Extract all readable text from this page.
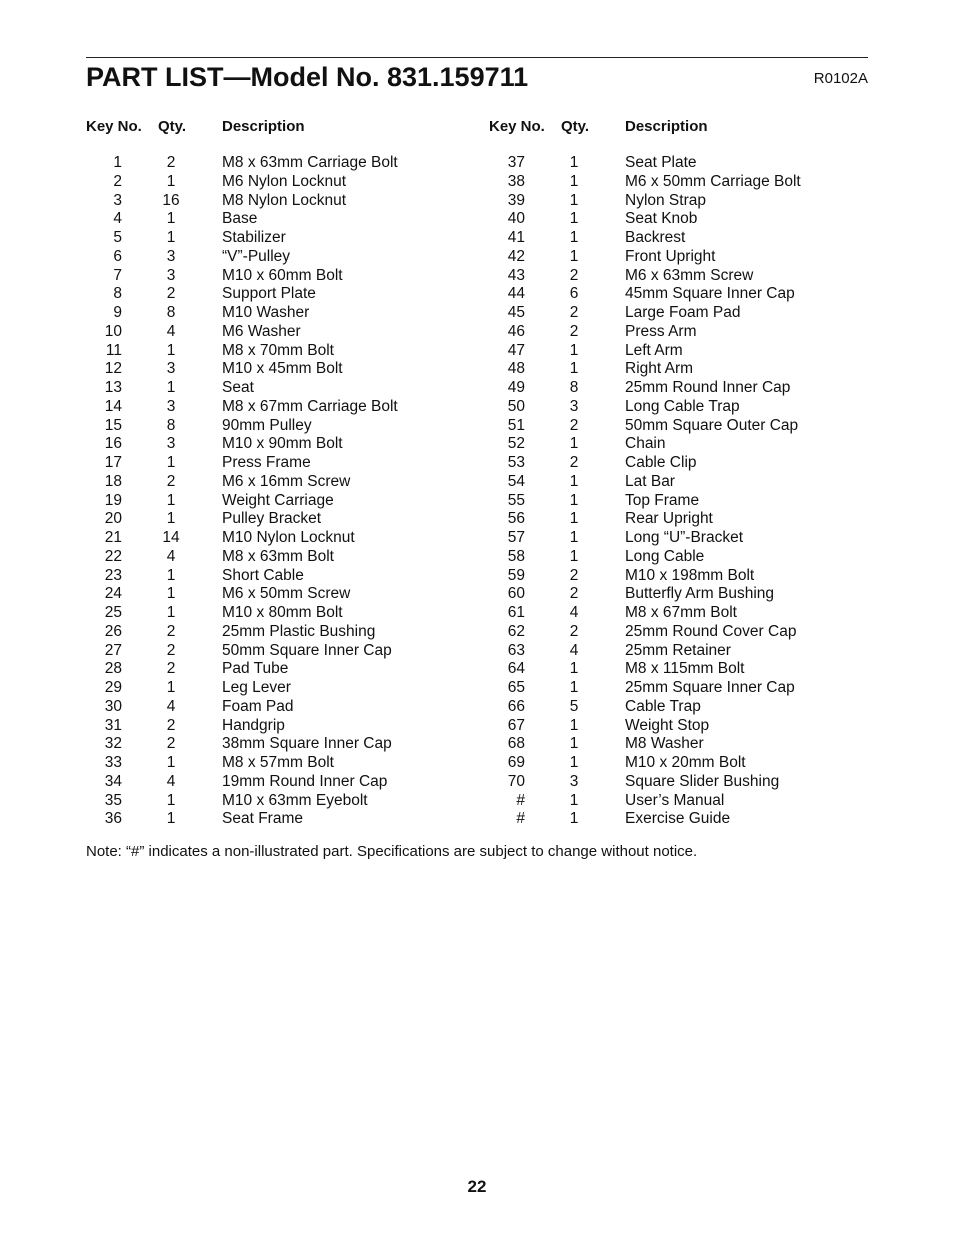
PART LIST—Model No. 831.159711	R0102A
Key No. Qty. Description
1	2	M8 x 63mm Carriage Bolt
2	1	M6 Nylon Locknut
3	16	M8 Nylon Locknut
4	1	Base
5	1	Stabilizer
6	3	“V”-Pulley
7	3	M10 x 60mm Bolt
8	2	Support Plate
9	8	M10 Washer
10	4	M6 Washer
11	1	M8 x 70mm Bolt
12	3	M10 x 45mm Bolt
13	1	Seat
14	3	M8 x 67mm Carriage Bolt
15	8	90mm Pulley
16	3	M10 x 90mm Bolt
17	1	Press Frame
18	2	M6 x 16mm Screw
19	1	Weight Carriage
20	1	Pulley Bracket
21	14	M10 Nylon Locknut
22	4	M8 x 63mm Bolt
23	1	Short Cable
24	1	M6 x 50mm Screw
25	1	M10 x 80mm Bolt
26	2	25mm Plastic Bushing
27	2	50mm Square Inner Cap
28	2	Pad Tube
29	1	Leg Lever
30	4	Foam Pad
31	2	Handgrip
32	2	38mm Square Inner Cap
33	1	M8 x 57mm Bolt
34	4	19mm Round Inner Cap
35	1	M10 x 63mm Eyebolt
36	1	Seat Frame
Key No. Qty. Description
37	1	Seat Plate
38	1	M6 x 50mm Carriage Bolt
39	1	Nylon Strap
40	1	Seat Knob
41	1	Backrest
42	1	Front Upright
43	2	M6 x 63mm Screw
44	6	45mm Square Inner Cap
45	2	Large Foam Pad
46	2	Press Arm
47	1	Left Arm
48	1	Right Arm
49	8	25mm Round Inner Cap
50	3	Long Cable Trap
51	2	50mm Square Outer Cap
52	1	Chain
53	2	Cable Clip
54	1	Lat Bar
55	1	Top Frame
56	1	Rear Upright
57	1	Long “U”-Bracket
58	1	Long Cable
59	2	M10 x 198mm Bolt
60	2	Butterfly Arm Bushing
61	4	M8 x 67mm Bolt
62	2	25mm Round Cover Cap
63	4	25mm Retainer
64	1	M8 x 115mm Bolt
65	1	25mm Square Inner Cap
66	5	Cable Trap
67	1	Weight Stop
68	1	M8 Washer
69	1	M10 x 20mm Bolt
70	3	Square Slider Bushing
#	1	User’s Manual
#	1	Exercise Guide
Note: “#” indicates a non-illustrated part. Specifications are subject to change without notice.
22
